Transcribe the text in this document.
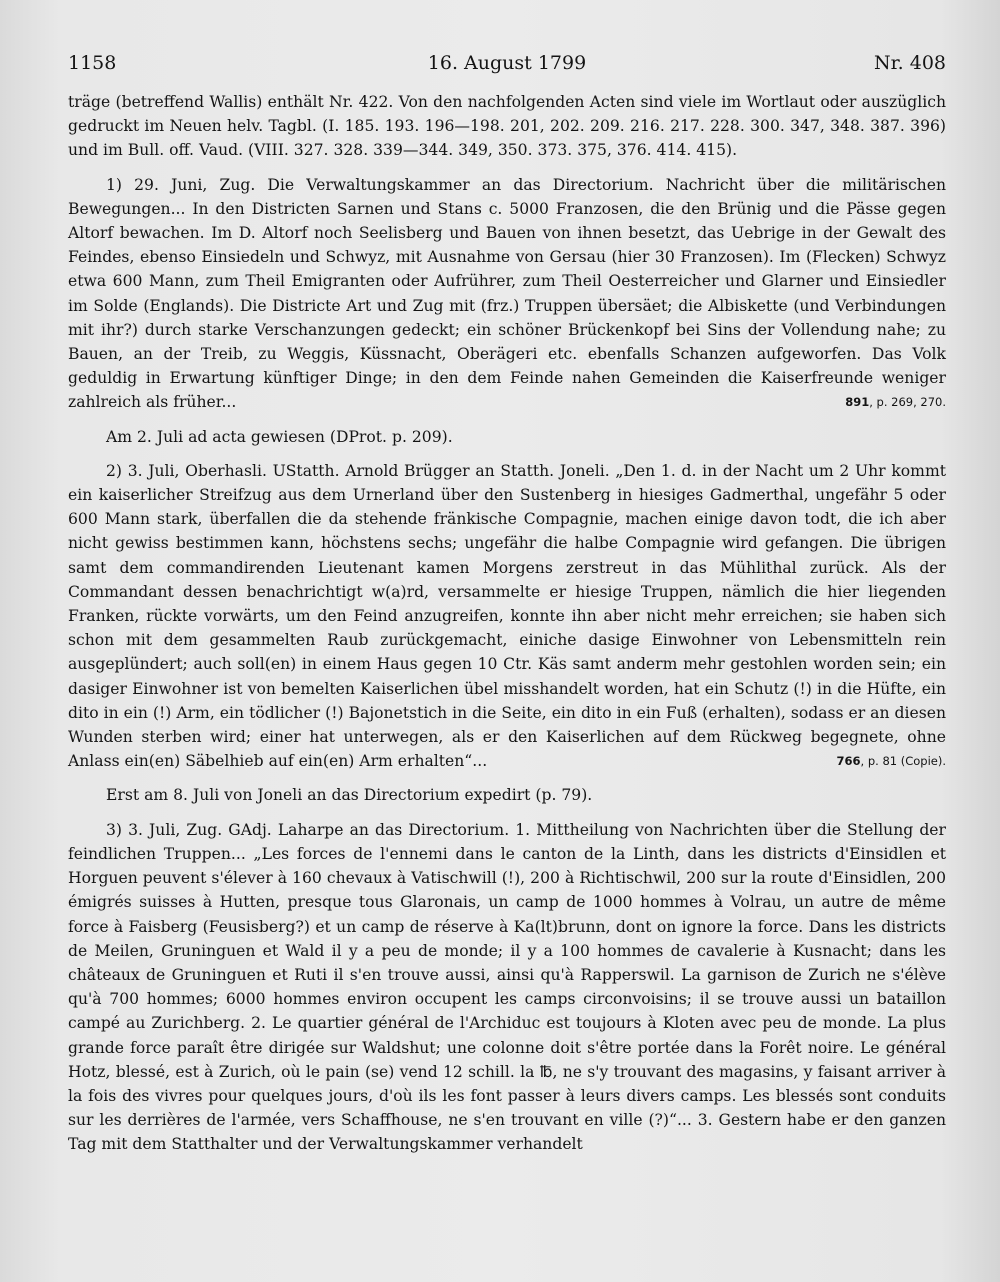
1158	16. August 1799	Nr. 408

träge (betreffend Wallis) enthält Nr. 422. Von den nachfolgenden Acten sind viele im Wortlaut oder auszüglich gedruckt im Neuen helv. Tagbl. (I. 185. 193. 196—198. 201, 202. 209. 216. 217. 228. 300. 347, 348. 387. 396) und im Bull. off. Vaud. (VIII. 327. 328. 339—344. 349, 350. 373. 375, 376. 414. 415).

1) 29. Juni, Zug. Die Verwaltungskammer an das Directorium. Nachricht über die militärischen Bewegungen... In den Districten Sarnen und Stans c. 5000 Franzosen, die den Brünig und die Pässe gegen Altorf bewachen. Im D. Altorf noch Seelisberg und Bauen von ihnen besetzt, das Uebrige in der Gewalt des Feindes, ebenso Einsiedeln und Schwyz, mit Ausnahme von Gersau (hier 30 Franzosen). Im (Flecken) Schwyz etwa 600 Mann, zum Theil Emigranten oder Aufrührer, zum Theil Oesterreicher und Glarner und Einsiedler im Solde (Englands). Die Districte Art und Zug mit (frz.) Truppen übersäet; die Albiskette (und Verbindungen mit ihr?) durch starke Verschanzungen gedeckt; ein schöner Brückenkopf bei Sins der Vollendung nahe; zu Bauen, an der Treib, zu Weggis, Küssnacht, Oberägeri etc. ebenfalls Schanzen aufgeworfen. Das Volk geduldig in Erwartung künftiger Dinge; in den dem Feinde nahen Gemeinden die Kaiserfreunde weniger zahlreich als früher...	891, p. 269, 270.

Am 2. Juli ad acta gewiesen (DProt. p. 209).

2) 3. Juli, Oberhasli. UStatth. Arnold Brügger an Statth. Joneli. „Den 1. d. in der Nacht um 2 Uhr kommt ein kaiserlicher Streifzug aus dem Urnerland über den Sustenberg in hiesiges Gadmerthal, ungefähr 5 oder 600 Mann stark, überfallen die da stehende fränkische Compagnie, machen einige davon todt, die ich aber nicht gewiss bestimmen kann, höchstens sechs; ungefähr die halbe Compagnie wird gefangen. Die übrigen samt dem commandirenden Lieutenant kamen Morgens zerstreut in das Mühlithal zurück. Als der Commandant dessen benachrichtigt w(a)rd, versammelte er hiesige Truppen, nämlich die hier liegenden Franken, rückte vorwärts, um den Feind anzugreifen, konnte ihn aber nicht mehr erreichen; sie haben sich schon mit dem gesammelten Raub zurückgemacht, einiche dasige Einwohner von Lebensmitteln rein ausgeplündert; auch soll(en) in einem Haus gegen 10 Ctr. Käs samt anderm mehr gestohlen worden sein; ein dasiger Einwohner ist von bemelten Kaiserlichen übel misshandelt worden, hat ein Schutz (!) in die Hüfte, ein dito in ein (!) Arm, ein tödlicher (!) Bajonetstich in die Seite, ein dito in ein Fuß (erhalten), sodass er an diesen Wunden sterben wird; einer hat unterwegen, als er den Kaiserlichen auf dem Rückweg begegnete, ohne Anlass ein(en) Säbelhieb auf ein(en) Arm erhalten“...	766, p. 81 (Copie).

Erst am 8. Juli von Joneli an das Directorium expedirt (p. 79).

3) 3. Juli, Zug. GAdj. Laharpe an das Directorium. 1. Mittheilung von Nachrichten über die Stellung der feindlichen Truppen... „Les forces de l'ennemi dans le canton de la Linth, dans les districts d'Einsidlen et Horguen peuvent s'élever à 160 chevaux à Vatischwill (!), 200 à Richtischwil, 200 sur la route d'Einsidlen, 200 émigrés suisses à Hutten, presque tous Glaronais, un camp de 1000 hommes à Volrau, un autre de même force à Faisberg (Feusisberg?) et un camp de réserve à Ka(lt)brunn, dont on ignore la force. Dans les districts de Meilen, Gruninguen et Wald il y a peu de monde; il y a 100 hommes de cavalerie à Kusnacht; dans les châteaux de Gruninguen et Ruti il s'en trouve aussi, ainsi qu'à Rapperswil. La garnison de Zurich ne s'élève qu'à 700 hommes; 6000 hommes environ occupent les camps circonvoisins; il se trouve aussi un bataillon campé au Zurichberg. 2. Le quartier général de l'Archiduc est toujours à Kloten avec peu de monde. La plus grande force paraît être dirigée sur Waldshut; une colonne doit s'être portée dans la Forêt noire. Le général Hotz, blessé, est à Zurich, où le pain (se) vend 12 schill. la ℔, ne s'y trouvant des magasins, y faisant arriver à la fois des vivres pour quelques jours, d'où ils les font passer à leurs divers camps. Les blessés sont conduits sur les derrières de l'armée, vers Schaffhouse, ne s'en trouvant en ville (?)“... 3. Gestern habe er den ganzen Tag mit dem Statthalter und der Verwaltungskammer verhandelt
